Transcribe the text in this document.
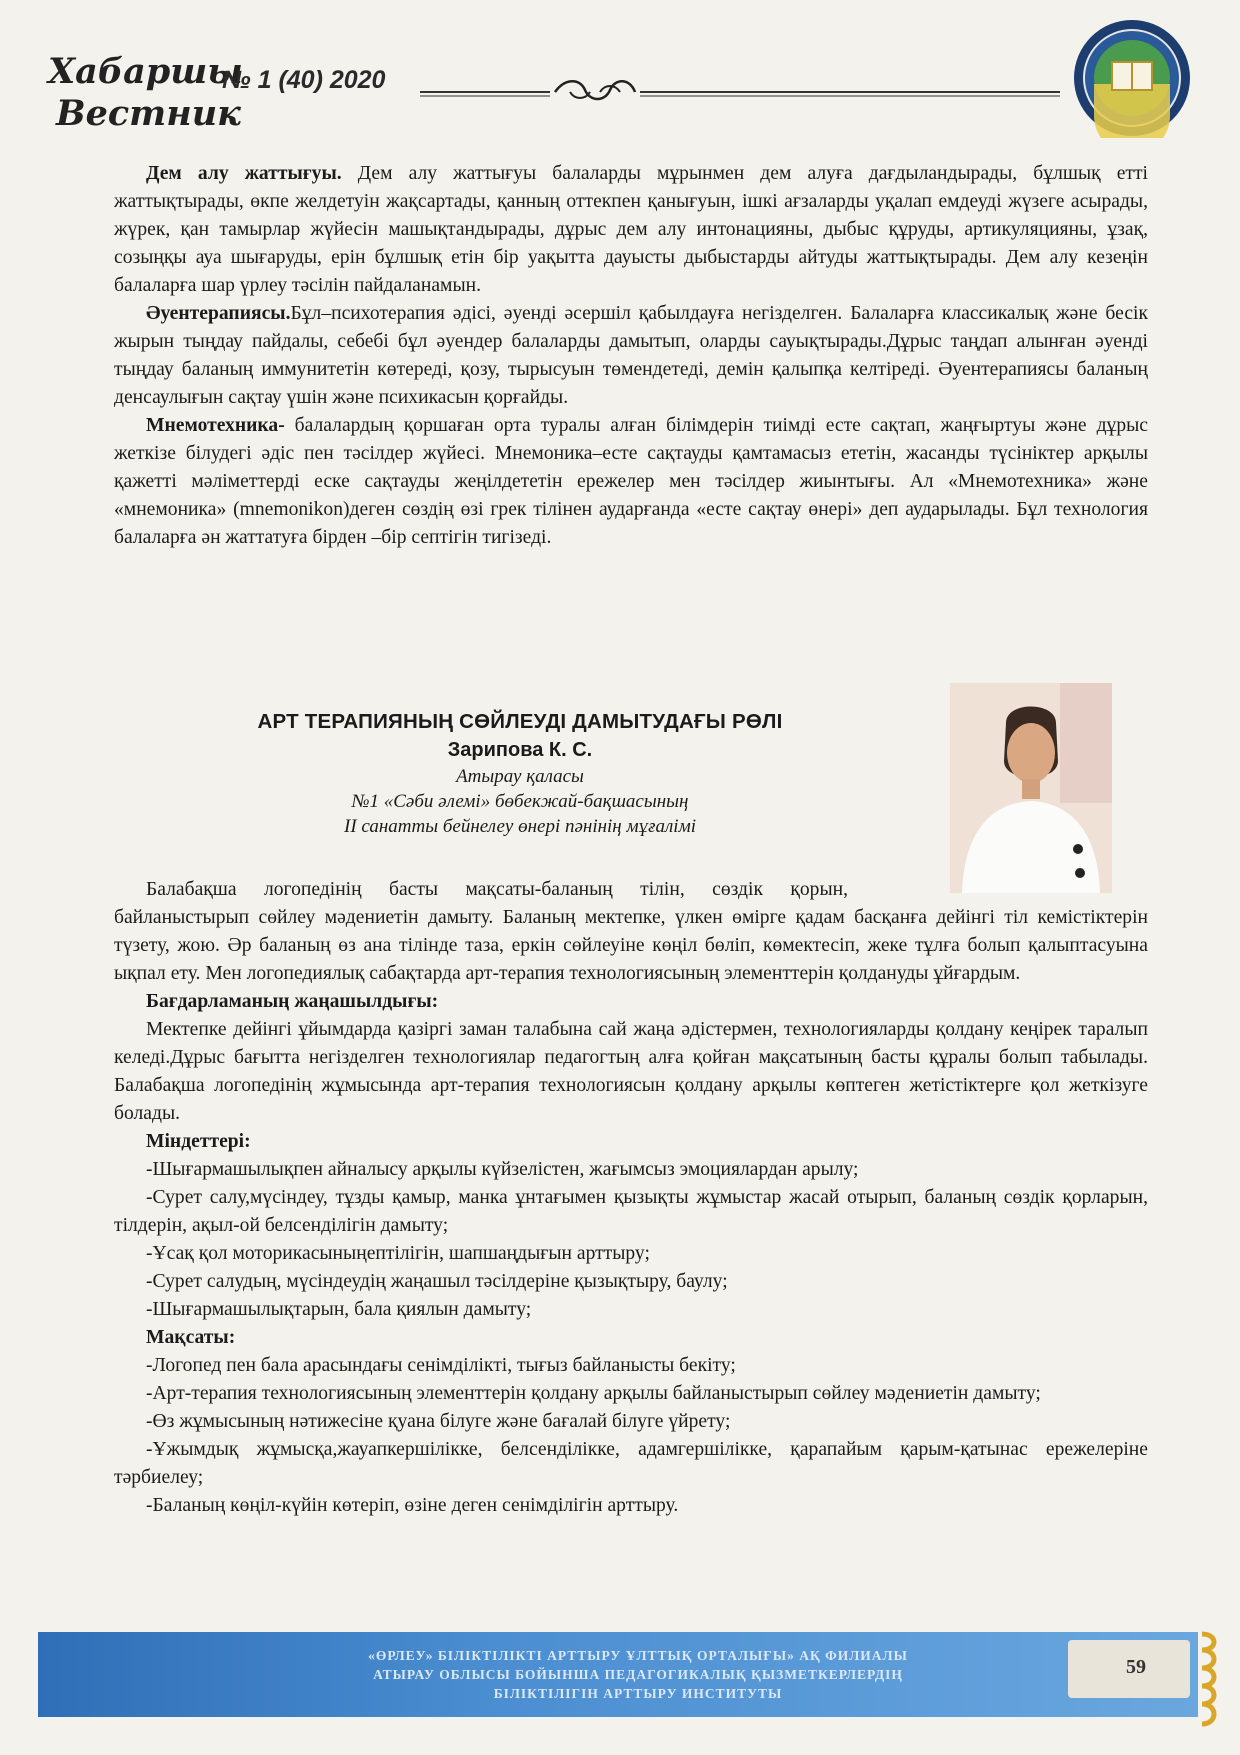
Хабаршы
Вестник
№ 1 (40) 2020

Дем алу жаттығуы. Дем алу жаттығуы балаларды мұрынмен дем алуға дағдыландырады, бұлшық етті жаттықтырады, өкпе желдетуін жақсартады, қанның оттекпен қанығуын, ішкі ағзаларды уқалап емдеуді жүзеге асырады, жүрек, қан тамырлар жүйесін машықтандырады, дұрыс дем алу интонацияны, дыбыс құруды, артикуляцияны, ұзақ, созыңқы ауа шығаруды, ерін бұлшық етін бір уақытта дауысты дыбыстарды айтуды жаттықтырады. Дем алу кезеңін балаларға шар үрлеу тәсілін пайдаланамын.

Әуентерапиясы.Бұл–психотерапия әдісі, әуенді әсершіл қабылдауға негізделген. Балаларға классикалық және бесік жырын тыңдау пайдалы, себебі бұл әуендер балаларды дамытып, оларды сауықтырады.Дұрыс таңдап алынған әуенді тыңдау баланың иммунитетін көтереді, қозу, тырысуын төмендетеді, демін қалыпқа келтіреді. Әуентерапиясы баланың денсаулығын сақтау үшін және психикасын қорғайды.

Мнемотехника- балалардың қоршаған орта туралы алған білімдерін тиімді есте сақтап, жаңғыртуы және дұрыс жеткізе білудегі әдіс пен тәсілдер жүйесі. Мнемоника–есте сақтауды қамтамасыз ететін, жасанды түсініктер арқылы қажетті мәліметтерді еске сақтауды жеңілдететін ережелер мен тәсілдер жиынтығы. Ал «Мнемотехника» және «мнемоника» (mnemonikon)деген сөздің өзі грек тілінен аударғанда «есте сақтау өнері» деп аударылады. Бұл технология балаларға ән жаттатуға бірден –бір септігін тигізеді.

АРТ ТЕРАПИЯНЫҢ СӨЙЛЕУДІ ДАМЫТУДАҒЫ РӨЛІ
Зарипова К. С.
Атырау қаласы
№1 «Сәби әлемі» бөбекжай-бақшасының
ІІ санатты бейнелеу өнері пәнінің мұғалімі

Балабақша логопедінің басты мақсаты-баланың тілін, сөздік қорын, байланыстырып сөйлеу мәдениетін дамыту. Баланың мектепке, үлкен өмірге қадам басқанға дейінгі тіл кемістіктерін түзету, жою. Әр баланың өз ана тілінде таза, еркін сөйлеуіне көңіл бөліп, көмектесіп, жеке тұлға болып қалыптасуына ықпал ету. Мен логопедиялық сабақтарда арт-терапия технологиясының элементтерін қолдануды ұйғардым.

Бағдарламаның жаңашылдығы:

Мектепке дейінгі ұйымдарда қазіргі заман талабына сай жаңа әдістермен, технологияларды қолдану кеңірек таралып келеді.Дұрыс бағытта негізделген технологиялар педагогтың алға қойған мақсатының басты құралы болып табылады. Балабақша логопедінің жұмысында арт-терапия технологиясын қолдану арқылы көптеген жетістіктерге қол жеткізуге болады.

Міндеттері:

-Шығармашылықпен айналысу арқылы күйзелістен, жағымсыз эмоциялардан арылу;

-Сурет салу,мүсіндеу, тұзды қамыр, манка ұнтағымен қызықты жұмыстар жасай отырып, баланың сөздік қорларын, тілдерін, ақыл-ой белсенділігін дамыту;

-Ұсақ қол моторикасыныңептілігін, шапшаңдығын арттыру;

-Сурет салудың, мүсіндеудің жаңашыл тәсілдеріне қызықтыру, баулу;

-Шығармашылықтарын, бала қиялын дамыту;

Мақсаты:

-Логопед пен бала арасындағы сенімділікті, тығыз байланысты бекіту;

-Арт-терапия технологиясының элементтерін қолдану арқылы байланыстырып сөйлеу мәдениетін дамыту;

-Өз жұмысының нәтижесіне қуана білуге және бағалай білуге үйрету;

-Ұжымдық жұмысқа,жауапкершілікке, белсенділікке, адамгершілікке, қарапайым қарым-қатынас ережелеріне тәрбиелеу;

-Баланың көңіл-күйін көтеріп, өзіне деген сенімділігін арттыру.

«ӨРЛЕУ» БІЛІКТІЛІКТІ АРТТЫРУ ҰЛТТЫҚ ОРТАЛЫҒЫ» АҚ ФИЛИАЛЫ
АТЫРАУ ОБЛЫСЫ БОЙЫНША ПЕДАГОГИКАЛЫҚ ҚЫЗМЕТКЕРЛЕРДІҢ
БІЛІКТІЛІГІН АРТТЫРУ ИНСТИТУТЫ
59
